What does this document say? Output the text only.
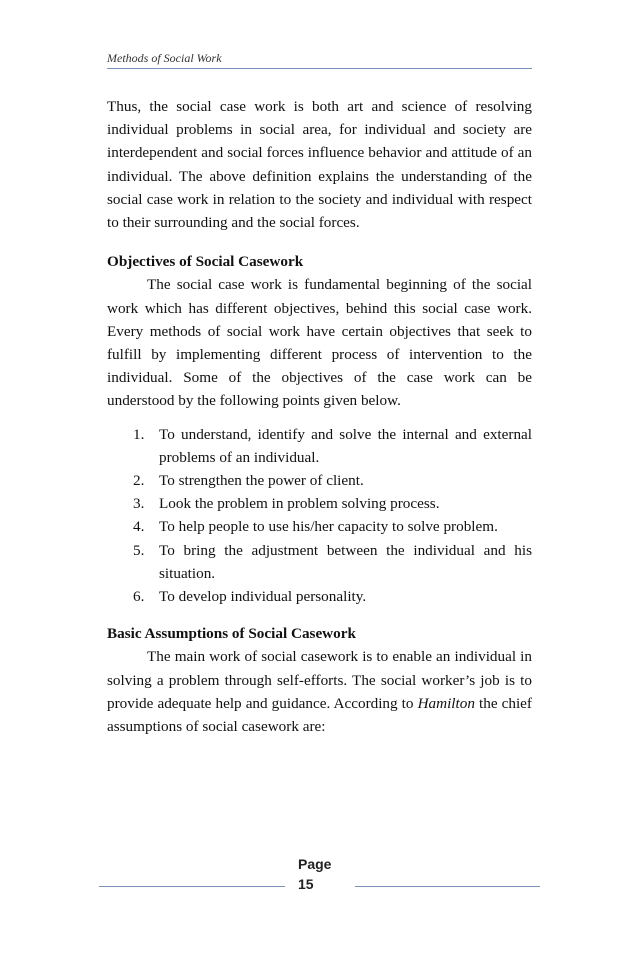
Methods of Social Work

Thus, the social case work is both art and science of resolving individual problems in social area, for individual and society are interdependent and social forces influence behavior and attitude of an individual. The above definition explains the understanding of the social case work in relation to the society and individual with respect to their surrounding and the social forces.

Objectives of Social Casework

The social case work is fundamental beginning of the social work which has different objectives, behind this social case work. Every methods of social work have certain objectives that seek to fulfill by implementing different process of intervention to the individual. Some of the objectives of the case work can be understood by the following points given below.

1. To understand, identify and solve the internal and external problems of an individual.
2. To strengthen the power of client.
3. Look the problem in problem solving process.
4. To help people to use his/her capacity to solve problem.
5. To bring the adjustment between the individual and his situation.
6. To develop individual personality.

Basic Assumptions of Social Casework

The main work of social casework is to enable an individual in solving a problem through self-efforts. The social worker’s job is to provide adequate help and guidance. According to Hamilton the chief assumptions of social casework are:

Page
15
